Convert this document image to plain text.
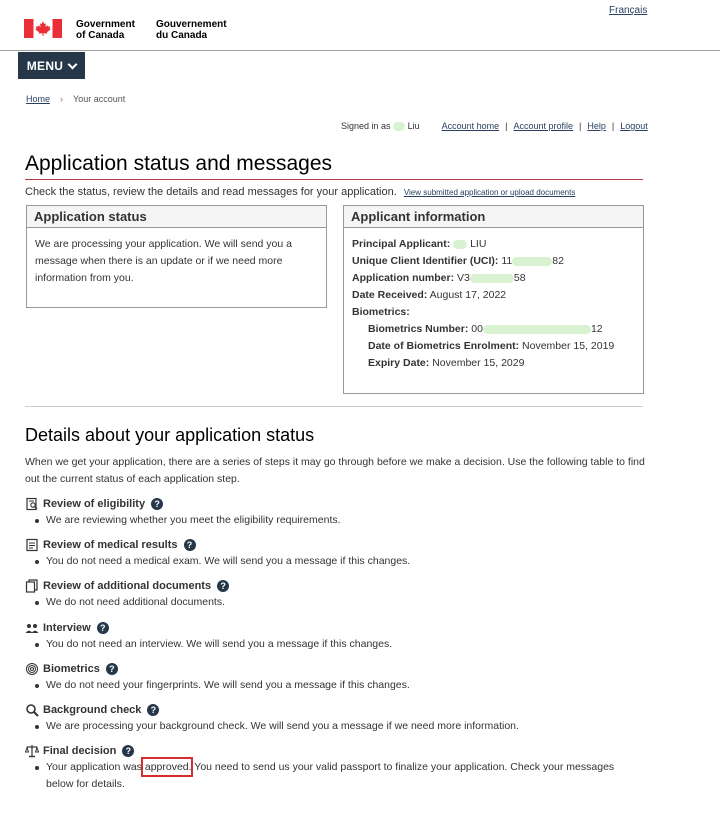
Français
Government
of Canada
Gouvernement
du Canada
MENU
Home › Your account
Signed in as Liu Account home | Account profile | Help | Logout
Application status and messages
Check the status, review the details and read messages for your application. View submitted application or upload documents
Application status
We are processing your application. We will send you a message when there is an update or if we need more information from you.
Applicant information
Principal Applicant: LIU
Unique Client Identifier (UCI): 11	82
Application number: V3	58
Date Received: August 17, 2022
Biometrics:
Biometrics Number: 00	12
Date of Biometrics Enrolment: November 15, 2019
Expiry Date: November 15, 2029
Details about your application status
When we get your application, there are a series of steps it may go through before we make a decision. Use the following table to find out the current status of each application step.
Review of eligibility	?
We are reviewing whether you meet the eligibility requirements.
Review of medical results	?
You do not need a medical exam. We will send you a message if this changes.
Review of additional documents	?
We do not need additional documents.
Interview	?
You do not need an interview. We will send you a message if this changes.
Biometrics	?
We do not need your fingerprints. We will send you a message if this changes.
Background check	?
We are processing your background check. We will send you a message if we need more information.
Final decision	?
Your application was approved. You need to send us your valid passport to finalize your application. Check your messages below for details.
